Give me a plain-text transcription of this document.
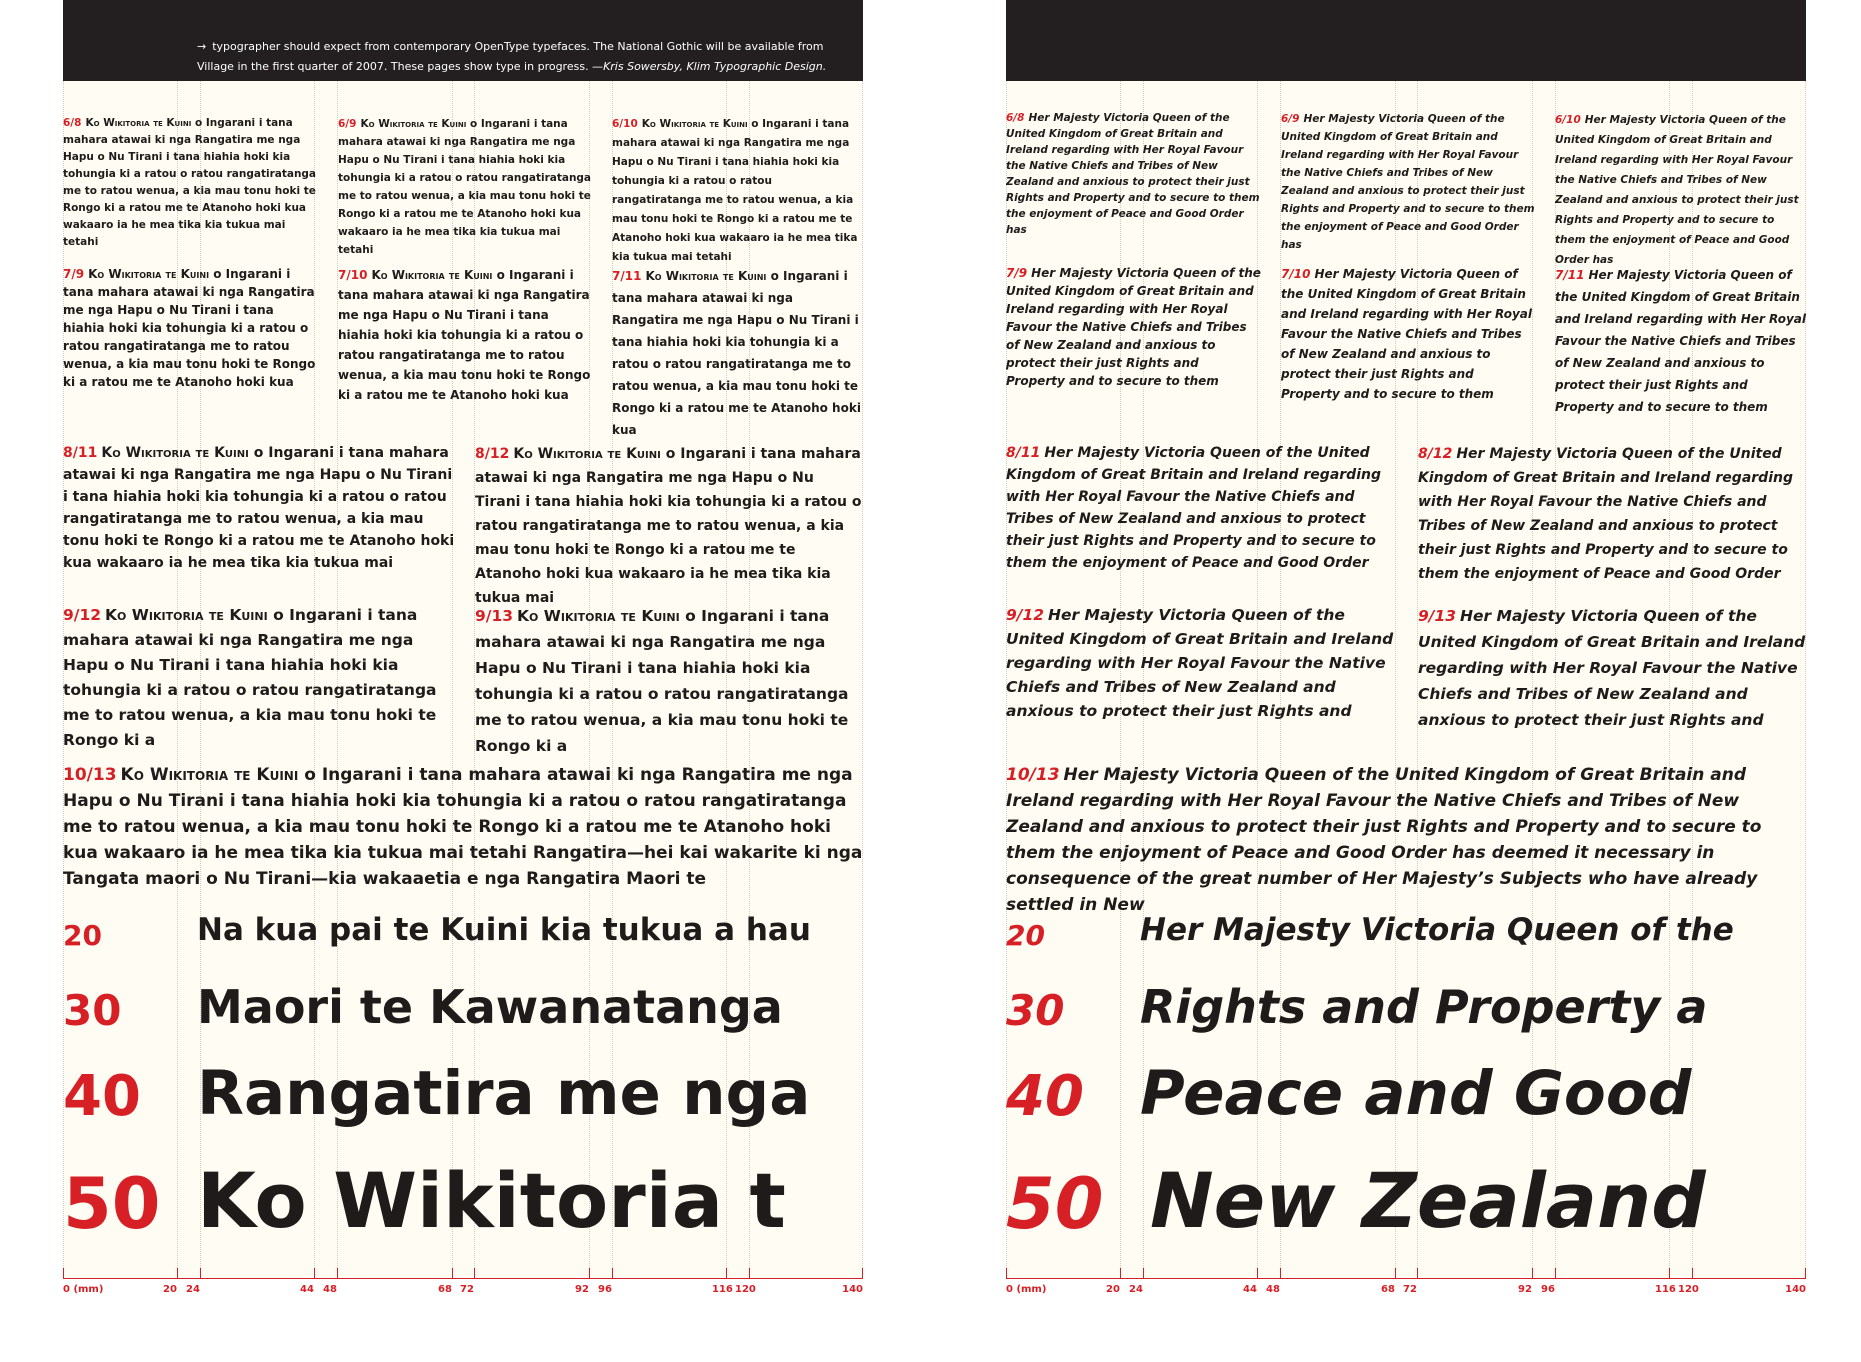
→ typographer should expect from contemporary OpenType typefaces. The National Gothic will be available from Village in the first quarter of 2007. These pages show type in progress. —Kris Sowersby, Klim Typographic Design.

6/8 Ko Wikitoria te Kuini o Ingarani i tana mahara atawai ki nga Rangatira me nga Hapu o Nu Tirani i tana hiahia hoki kia tohungia ki a ratou o ratou rangatiratanga me to ratou wenua, a kia mau tonu hoki te Rongo ki a ratou me te Atanoho hoki kua wakaaro ia he mea tika kia tukua mai tetahi

6/9 Ko Wikitoria te Kuini o Ingarani i tana mahara atawai ki nga Rangatira me nga Hapu o Nu Tirani i tana hiahia hoki kia tohungia ki a ratou o ratou rangatiratanga me to ratou wenua, a kia mau tonu hoki te Rongo ki a ratou me te Atanoho hoki kua wakaaro ia he mea tika kia tukua mai tetahi

6/10 Ko Wikitoria te Kuini o Ingarani i tana mahara atawai ki nga Rangatira me nga Hapu o Nu Tirani i tana hiahia hoki kia tohungia ki a ratou o ratou rangatiratanga me to ratou wenua, a kia mau tonu hoki te Rongo ki a ratou me te Atanoho hoki kua wakaaro ia he mea tika kia tukua mai tetahi

7/9 Ko Wikitoria te Kuini o Ingarani i tana mahara atawai ki nga Rangatira me nga Hapu o Nu Tirani i tana hiahia hoki kia tohungia ki a ratou o ratou rangatiratanga me to ratou wenua, a kia mau tonu hoki te Rongo ki a ratou me te Atanoho hoki kua

7/10 Ko Wikitoria te Kuini o Ingarani i tana mahara atawai ki nga Rangatira me nga Hapu o Nu Tirani i tana hiahia hoki kia tohungia ki a ratou o ratou rangatiratanga me to ratou wenua, a kia mau tonu hoki te Rongo ki a ratou me te Atanoho hoki kua

7/11 Ko Wikitoria te Kuini o Ingarani i tana mahara atawai ki nga Rangatira me nga Hapu o Nu Tirani i tana hiahia hoki kia tohungia ki a ratou o ratou rangatiratanga me to ratou wenua, a kia mau tonu hoki te Rongo ki a ratou me te Atanoho hoki kua

8/11 Ko Wikitoria te Kuini o Ingarani i tana mahara atawai ki nga Rangatira me nga Hapu o Nu Tirani i tana hiahia hoki kia tohungia ki a ratou o ratou rangatiratanga me to ratou wenua, a kia mau tonu hoki te Rongo ki a ratou me te Atanoho hoki kua wakaaro ia he mea tika kia tukua mai

8/12 Ko Wikitoria te Kuini o Ingarani i tana mahara atawai ki nga Rangatira me nga Hapu o Nu Tirani i tana hiahia hoki kia tohungia ki a ratou o ratou rangatiratanga me to ratou wenua, a kia mau tonu hoki te Rongo ki a ratou me te Atanoho hoki kua wakaaro ia he mea tika kia tukua mai

9/12 Ko Wikitoria te Kuini o Ingarani i tana mahara atawai ki nga Rangatira me nga Hapu o Nu Tirani i tana hiahia hoki kia tohungia ki a ratou o ratou rangatiratanga me to ratou wenua, a kia mau tonu hoki te Rongo ki a

9/13 Ko Wikitoria te Kuini o Ingarani i tana mahara atawai ki nga Rangatira me nga Hapu o Nu Tirani i tana hiahia hoki kia tohungia ki a ratou o ratou rangatiratanga me to ratou wenua, a kia mau tonu hoki te Rongo ki a

10/13 Ko Wikitoria te Kuini o Ingarani i tana mahara atawai ki nga Rangatira me nga Hapu o Nu Tirani i tana hiahia hoki kia tohungia ki a ratou o ratou rangatiratanga me to ratou wenua, a kia mau tonu hoki te Rongo ki a ratou me te Atanoho hoki kua wakaaro ia he mea tika kia tukua mai tetahi Rangatira—hei kai wakarite ki nga Tangata maori o Nu Tirani—kia wakaaetia e nga Rangatira Maori te

20	Na kua pai te Kuini kia tukua a hau

30 Maori te Kawanatanga

40 Rangatira me nga

50 Ko Wikitoria t

0 (mm)	20 24	44 48	68 72	92 96	116 120	140

6/8 Her Majesty Victoria Queen of the United Kingdom of Great Britain and Ireland regarding with Her Royal Favour the Native Chiefs and Tribes of New Zealand and anxious to protect their just Rights and Property and to secure to them the enjoyment of Peace and Good Order has

6/9 Her Majesty Victoria Queen of the United Kingdom of Great Britain and Ireland regarding with Her Royal Favour the Native Chiefs and Tribes of New Zealand and anxious to protect their just Rights and Property and to secure to them the enjoyment of Peace and Good Order has

6/10 Her Majesty Victoria Queen of the United Kingdom of Great Britain and Ireland regarding with Her Royal Favour the Native Chiefs and Tribes of New Zealand and anxious to protect their just Rights and Property and to secure to them the enjoyment of Peace and Good Order has

7/9 Her Majesty Victoria Queen of the United Kingdom of Great Britain and Ireland regarding with Her Royal Favour the Native Chiefs and Tribes of New Zealand and anxious to protect their just Rights and Property and to secure to them

7/10 Her Majesty Victoria Queen of the United Kingdom of Great Britain and Ireland regarding with Her Royal Favour the Native Chiefs and Tribes of New Zealand and anxious to protect their just Rights and Property and to secure to them

7/11 Her Majesty Victoria Queen of the United Kingdom of Great Britain and Ireland regarding with Her Royal Favour the Native Chiefs and Tribes of New Zealand and anxious to protect their just Rights and Property and to secure to them

8/11 Her Majesty Victoria Queen of the United Kingdom of Great Britain and Ireland regarding with Her Royal Favour the Native Chiefs and Tribes of New Zealand and anxious to protect their just Rights and Property and to secure to them the enjoyment of Peace and Good Order

8/12 Her Majesty Victoria Queen of the United Kingdom of Great Britain and Ireland regarding with Her Royal Favour the Native Chiefs and Tribes of New Zealand and anxious to protect their just Rights and Property and to secure to them the enjoyment of Peace and Good Order

9/12 Her Majesty Victoria Queen of the United Kingdom of Great Britain and Ireland regarding with Her Royal Favour the Native Chiefs and Tribes of New Zealand and anxious to protect their just Rights and

9/13 Her Majesty Victoria Queen of the United Kingdom of Great Britain and Ireland regarding with Her Royal Favour the Native Chiefs and Tribes of New Zealand and anxious to protect their just Rights and

10/13 Her Majesty Victoria Queen of the United Kingdom of Great Britain and Ireland regarding with Her Royal Favour the Native Chiefs and Tribes of New Zealand and anxious to protect their just Rights and Property and to secure to them the enjoyment of Peace and Good Order has deemed it necessary in consequence of the great number of Her Majesty’s Subjects who have already settled in New

20	Her Majesty Victoria Queen of the

30 Rights and Property a

40 Peace and Good

50 New Zealand

0 (mm)	20 24	44 48	68 72	92 96	116 120	140
